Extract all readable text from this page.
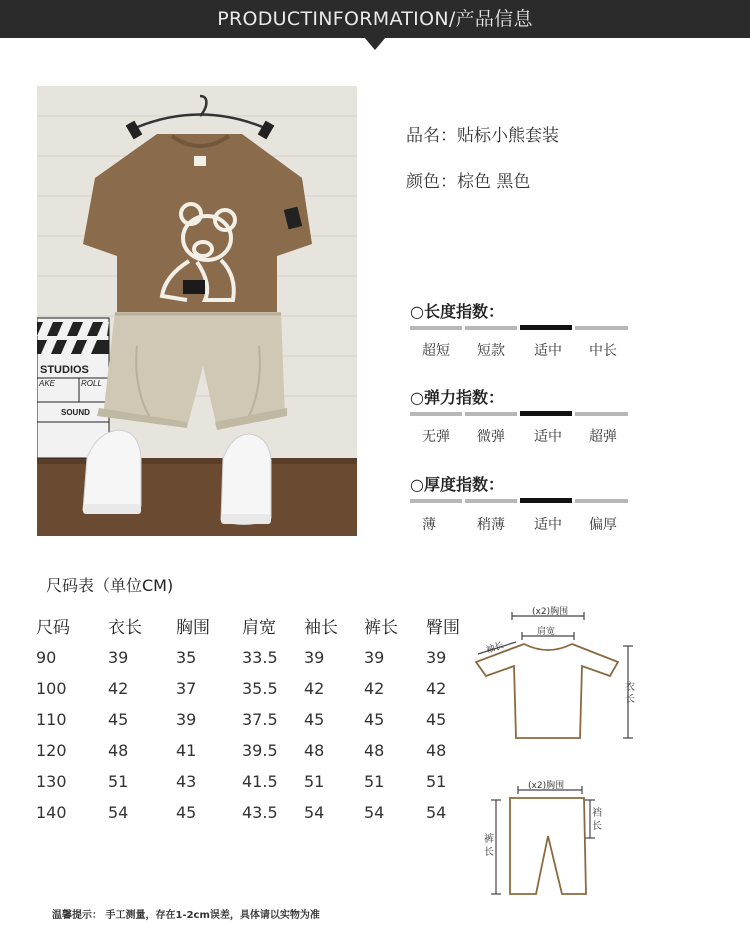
PRODUCTINFORMATION/产品信息
STUDIOS
AKE	ROLL
SOUND
品名：贴标小熊套装
颜色：棕色 黑色
○长度指数：
超短	短款	适中	中长
○弹力指数：
无弹	微弹	适中	超弹
○厚度指数：
薄	稍薄	适中	偏厚
尺码表（单位CM)
尺码	衣长	胸围	肩宽	袖长	裤长	臀围
90	39	35	33.5	39	39	39
100	42	37	35.5	42	42	42
110	45	39	37.5	45	45	45
120	48	41	39.5	48	48	48
130	51	43	41.5	51	51	51
140	54	45	43.5	54	54	54
(x2)胸围
肩宽
袖长
衣
长
(x2)胸围
裤
长
裆
长
温馨提示： 手工测量，存在1-2cm误差，具体请以实物为准
